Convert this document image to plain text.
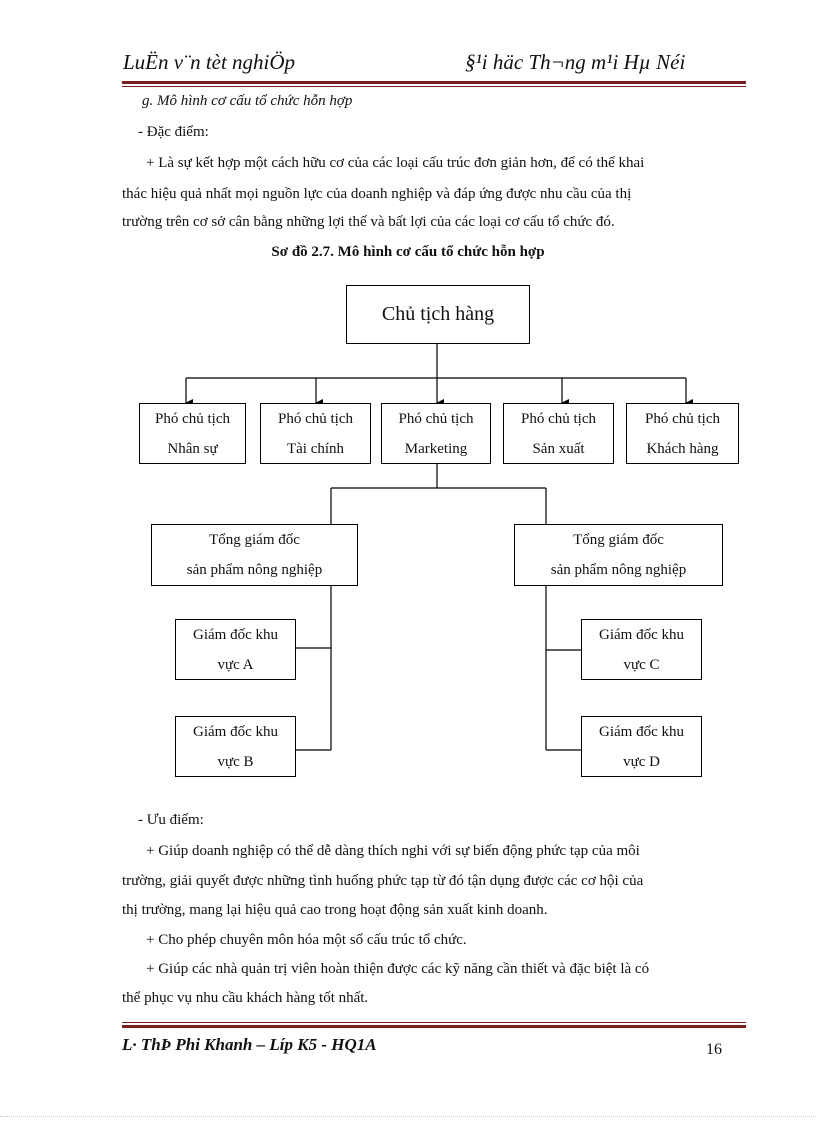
LuËn v¨n tèt nghiÖp	§¹i häc Th¬ng m¹i Hµ Néi
g. Mô hình cơ cấu tổ chức hỗn hợp
- Đặc điểm:
+ Là sự kết hợp một cách hữu cơ của các loại cấu trúc đơn giản hơn, để có thể khai
thác hiệu quả nhất mọi nguồn lực của doanh nghiệp và đáp ứng được nhu cầu của thị
trường trên cơ sở cân bằng những lợi thế và bất lợi của các loại cơ cấu tổ chức đó.
Sơ đồ 2.7. Mô hình cơ cấu tổ chức hỗn hợp
Chủ tịch hàng
Phó chủ tịch
Nhân sự
Phó chủ tịch
Tài chính
Phó chủ tịch
Marketing
Phó chủ tịch
Sản xuất
Phó chủ tịch
Khách hàng
Tổng giám đốc
sản phẩm nông nghiệp
Tổng giám đốc
sản phẩm nông nghiệp
Giám đốc khu
vực A
Giám đốc khu
vực B
Giám đốc khu
vực C
Giám đốc khu
vực D
- Ưu điểm:
+ Giúp doanh nghiệp có thể dễ dàng thích nghi với sự biến động phức tạp của môi
trường, giải quyết được những tình huống phức tạp từ đó tận dụng được các cơ hội của
thị trường, mang lại hiệu quả cao trong hoạt động sản xuất kinh doanh.
+ Cho phép chuyên môn hóa một số cấu trúc tổ chức.
+ Giúp các nhà quản trị viên hoàn thiện được các kỹ năng cần thiết và đặc biệt là có
thể phục vụ nhu cầu khách hàng tốt nhất.
L· ThÞ Phi Khanh – Líp K5 - HQ1A	16
